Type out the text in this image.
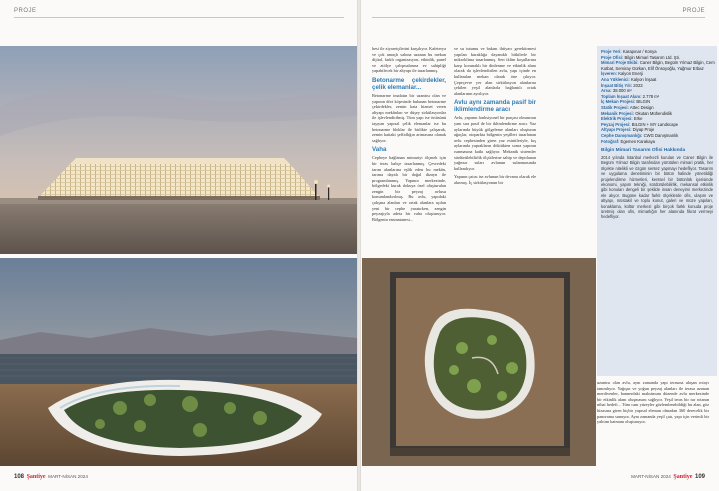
PROJE	PROJE

hesi ile ziyaretçilerini karşılıyor. Kafeterya ve çok amaçlı salona uzanan bu mekan dijital, farklı organizasyon, etkinlik, panel ve atölye çalışmalarına ev sahipliği yapabilecek bir altyapı ile tasarlanmış.

Betonarme çekirdekler, çelik elemanlar...

Betonarme imalatın bir uzantısı olan ve yapının dört köşesinde bulunan betonarme çekirdekler, zemin kata hizmet veren altyapı mekânları ve düşey sirkülasyonlar ile işlevlendirilmiş. Tüm yapı ise örtüsünü taşıyan yapısal çelik elemanlar ise bu betonarme bloklar ile birlikte çalışarak, zemin kattaki şeffaflığın artmasına olanak sağlıyor.

Vaha

Cepheye bağlanan mimariyi ölçmek için bir teras bahçe tasarlanmış. Çevredeki tarım alanlarına eşlik eden bu mekân, tarıma dayalı bir doğal dizayn ile programlanmış. Yapının merkezinde, bölgedeki kurak dokuya özel oluşturulan zengin bir peyzaj avlusu konumlandırılmış. Bu avlu, yapıdaki çalışma alanları ve ortak alanlara açılan yeni bir cephe yaratırken, zengin peyzajıyla adeta bir vaha oluşturuyor. Bölgenin enstantanesi...

ve su tutumu ve bakım ihtiyacı gerektirmesi yapılan kuraklığa dayanıklı bitkilerle bir mikroklima tasarlanmış. Sert iklim koşullarına karşı korunaklı bir dinlenme ve etkinlik alanı olarak da işlevlendirilen avlu, yapı içinde en kullanılan mekan olarak öne çıkıyor. Çepeçevre yer alan sirkülasyon alanlarını çekilen yeşil alanlarla bağlantılı ortak alanlarının ayrılıyor.

Avlu aynı zamanda pasif bir iklimlendirme aracı

Avlu, yapının fonksiyonel bir parçası olmasının yanı sıra pasif de bir iklimlendirme aracı. Yaz aylarında büyük gölgeleme alanları oluşturan ağaçlar, otoparkta bölgenin yeşilleri tasarlanan avlu cephesinden giren yaz esintileriyle, kış aylarında yaprakların döktükten sonra yapının ısınmasına katkı sağlıyor. Mekanik sistemler sürdürülebilirlik ölçütlerine sahip ve depolanan yağmur suları avlunun sulanmasında kullanılıyor.

Yapının çatısı ise avlunun bir devamı olarak ele alınmış. İç sirkülasyonun bir

uzantısı olan avlu, aynı zamanda yapı terasına ulaşan rotayı tanımlıyor. Yağışın ve yoğun peyzaj alanları ile terasa uzanan merdivenler, bannerdaki maksimum düzende avlu merkezinde bir etkinlik alanı oluşmasını sağlıyor. Yeşil teras bir tur rotanın nihai hedefi... Tüm cam yüzeyler gözlemlenebildiği bu alan, göz hizasına giren hiçbir yapısal eleman olmadan 360 derecelik bir panorama sunuyor. Aynı zamanda yeşil çatı, yapı için verimli bir yalıtım katmanı oluşturuyor.

Proje Yeri: Karapınar / Konya
Proje Ofisi: Bilgin Mimari Tasarım Ltd. Şti.
Mimari Proje Ekibi: Caner Bilgin, Begüm Yılmaz Bilgin, Cem Kutbat, Semiray Gürkan, Elif Önsoyoğlu, Yağmur Erbaz
İşveren: Kalyon Enerji
Ana Yüklenici: Kalyon İnşaat
İnşaat Bitiş Yılı: 2023
Arsa: 38.000 m²
Toplam İnşaat Alanı: 2.778 m²
İç Mekan Projesi: BILGIN
Statik Projesi: Attec Design
Mekanik Projesi: Okutan Mühendislik
Elektrik Projesi: Erke
Peyzaj Projesi: BILGIN + MY Landscape
Altyapı Projesi: Diyap Proje
Cephe Danışmanlığı: CWG Danışmanlık
Fotoğraf: Egemen Karakaya
Bilgin Mimari Tasarım Ofisi Hakkında
2014 yılında İstanbul merkezli kurulan ve Caner Bilgin ile Begüm Yılmaz Bilgin tarafından yürütülen mimari pratik, her ölçekte nitelikli ve özgün sentez yapmayı hedefliyor. Tasarım ve uygulama denetiminin bir bütün halinde yönetildiği projelendirme hizmetleri, kentsel bir bütünlük içerisinde ekonomi, yapım tekniği, sürdürülebilirlik, mekansal etkinlik gibi konuları dengeli bir şekilde insan deneyimi merkezinde ele alıyor. Bugüne kadar farklı ölçeklerde ofis, ulaşım ve altyapı, müstakil ve toplu konut, galeri ve müze yapıları, konaklama, kültür merkezi gibi birçok farklı konuda proje üretmiş olan ofis, mimarlığın her alanında fikrat vermeyi hedefliyor.
108 Şantiye MART-NİSAN 2024	MART-NİSAN 2024 Şantiye 109
